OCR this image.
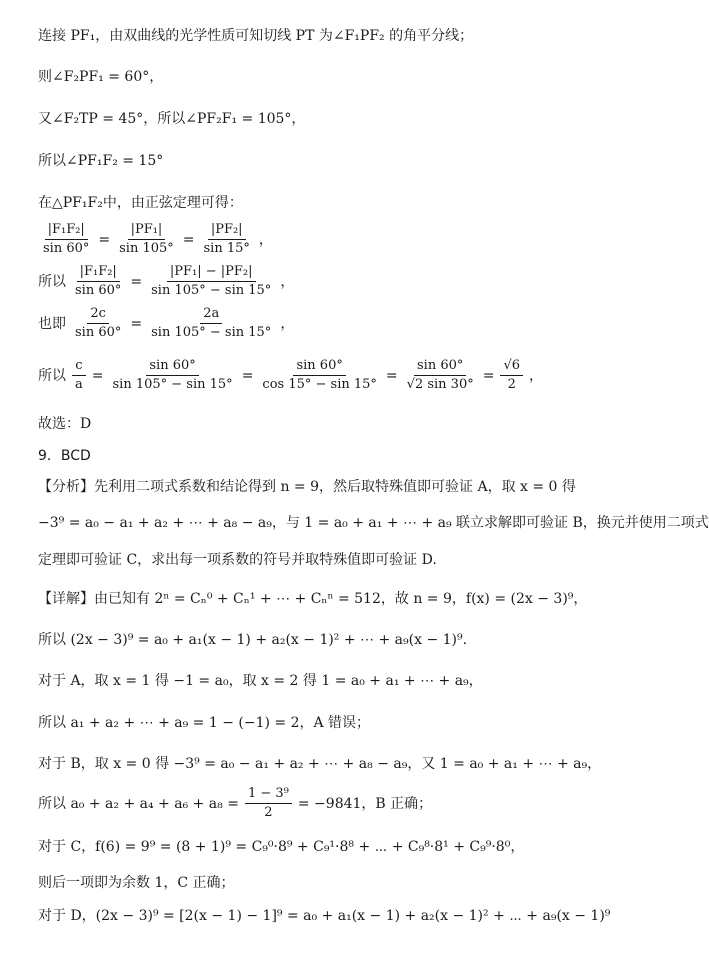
连接 PF₁，由双曲线的光学性质可知切线 PT 为∠F₁PF₂ 的角平分线；
则∠F₂PF₁ = 60°，
又∠F₂TP = 45°，所以∠PF₂F₁ = 105°，
所以∠PF₁F₂ = 15°
在△PF₁F₂中，由正弦定理可得：
$\frac{\text{|F₁F₂|}}{\sin 60^\circ} = \frac{\text{|PF₁|}}{\sin 105^\circ} = \frac{\text{|PF₂|}}{\sin 15^\circ}$ ，
所以 $\frac{\text{|F₁F₂|}}{\sin 60^\circ} = \frac{\text{|PF₁| − |PF₂|}}{\sin 105^\circ - \sin 15^\circ}$ ，
也即 $\frac{2c}{\sin 60^\circ} = \frac{2a}{\sin 105^\circ - \sin 15^\circ}$ ，
所以 $\frac{c}{a} = \frac{\sin 60^\circ}{\sin 105^\circ - \sin 15^\circ} = \frac{\sin 60^\circ}{\cos 15^\circ - \sin 15^\circ} = \frac{\sin 60^\circ}{√2 \sin 30^\circ} = \frac{√6}{2}$ ，
故选：D
9．BCD
【分析】先利用二项式系数和结论得到 n = 9，然后取特殊值即可验证 A，取 x = 0 得
−3⁹ = a₀ − a₁ + a₂ + ⋯ + a₈ − a₉，与 1 = a₀ + a₁ + ⋯ + a₉ 联立求解即可验证 B，换元并使用二项式
定理即可验证 C，求出每一项系数的符号并取特殊值即可验证 D.
【详解】由已知有 2ⁿ = Cₙ⁰ + Cₙ¹ + ⋯ + Cₙⁿ = 512，故 n = 9，f(x) = (2x − 3)⁹，
所以 (2x − 3)⁹ = a₀ + a₁(x − 1) + a₂(x − 1)² + ⋯ + a₉(x − 1)⁹.
对于 A，取 x = 1 得 −1 = a₀，取 x = 2 得 1 = a₀ + a₁ + ⋯ + a₉，
所以 a₁ + a₂ + ⋯ + a₉ = 1 − (−1) = 2，A 错误；
对于 B，取 x = 0 得 −3⁹ = a₀ − a₁ + a₂ + ⋯ + a₈ − a₉，又 1 = a₀ + a₁ + ⋯ + a₉，
所以 $a_0 + a_2 + a_4 + a_6 + a_8 = \frac{\text{1 − 3⁹}}{2} = -9841$，B 正确；
对于 C，f(6) = 9⁹ = (8 + 1)⁹ = C₉⁰·8⁹ + C₉¹·8⁸ + ⋯ + C₉⁸·8¹ + C₉⁹·8⁰，
则后一项即为余数 1，C 正确；
对于 D，(2x − 3)⁹ = [2(x − 1) − 1]⁹ = a₀ + a₁(x − 1) + a₂(x − 1)² + ⋯ + a₉(x − 1)⁹
